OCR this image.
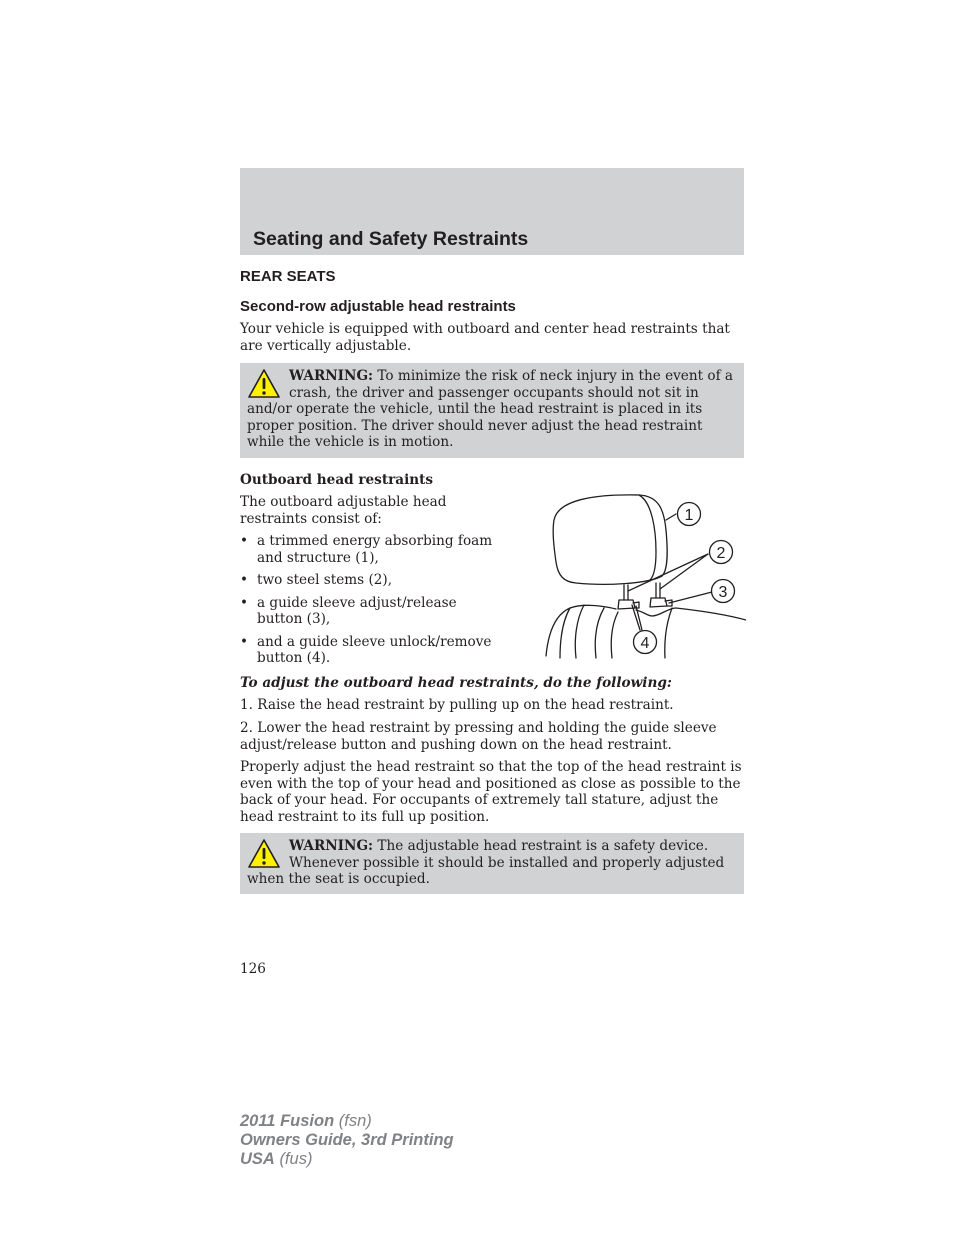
Seating and Safety Restraints
REAR SEATS
Second-row adjustable head restraints

Your vehicle is equipped with outboard and center head restraints that are vertically adjustable.

WARNING: To minimize the risk of neck injury in the event of a crash, the driver and passenger occupants should not sit in and/or operate the vehicle, until the head restraint is placed in its proper position. The driver should never adjust the head restraint while the vehicle is in motion.

Outboard head restraints

The outboard adjustable head restraints consist of:

• a trimmed energy absorbing foam and structure (1),
• two steel stems (2),
• a guide sleeve adjust/release button (3),
• and a guide sleeve unlock/remove button (4).
1
2
3
4

To adjust the outboard head restraints, do the following:

1. Raise the head restraint by pulling up on the head restraint.

2. Lower the head restraint by pressing and holding the guide sleeve adjust/release button and pushing down on the head restraint.

Properly adjust the head restraint so that the top of the head restraint is even with the top of your head and positioned as close as possible to the back of your head. For occupants of extremely tall stature, adjust the head restraint to its full up position.

WARNING: The adjustable head restraint is a safety device. Whenever possible it should be installed and properly adjusted when the seat is occupied.

126

2011 Fusion (fsn)
Owners Guide, 3rd Printing
USA (fus)
